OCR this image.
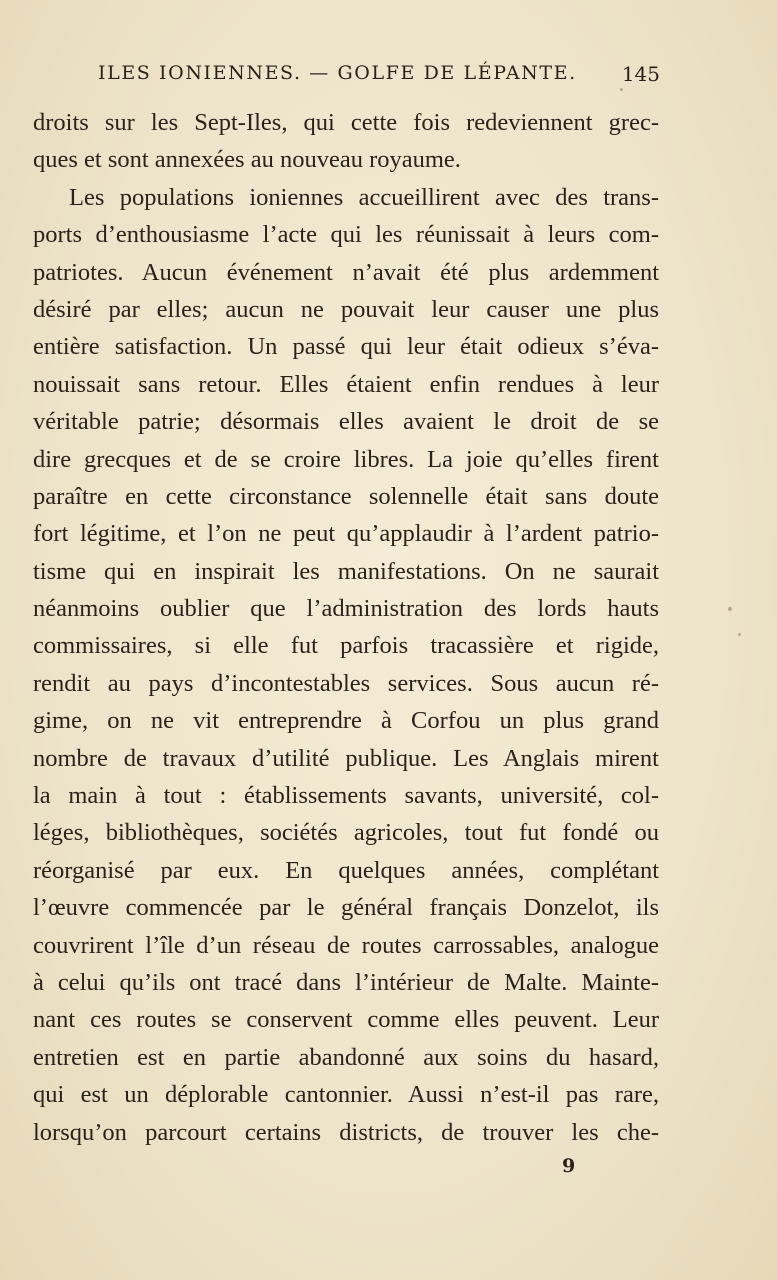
ILES IONIENNES. — GOLFE DE LÉPANTE. 145
droits sur les Sept-Iles, qui cette fois redeviennent grec-
ques et sont annexées au nouveau royaume.
Les populations ioniennes accueillirent avec des trans-
ports d’enthousiasme l’acte qui les réunissait à leurs com-
patriotes. Aucun événement n’avait été plus ardemment
désiré par elles; aucun ne pouvait leur causer une plus
entière satisfaction. Un passé qui leur était odieux s’éva-
nouissait sans retour. Elles étaient enfin rendues à leur
véritable patrie; désormais elles avaient le droit de se
dire grecques et de se croire libres. La joie qu’elles firent
paraître en cette circonstance solennelle était sans doute
fort légitime, et l’on ne peut qu’applaudir à l’ardent patrio-
tisme qui en inspirait les manifestations. On ne saurait
néanmoins oublier que l’administration des lords hauts
commissaires, si elle fut parfois tracassière et rigide,
rendit au pays d’incontestables services. Sous aucun ré-
gime, on ne vit entreprendre à Corfou un plus grand
nombre de travaux d’utilité publique. Les Anglais mirent
la main à tout : établissements savants, université, col-
léges, bibliothèques, sociétés agricoles, tout fut fondé ou
réorganisé par eux. En quelques années, complétant
l’œuvre commencée par le général français Donzelot, ils
couvrirent l’île d’un réseau de routes carrossables, analogue
à celui qu’ils ont tracé dans l’intérieur de Malte. Mainte-
nant ces routes se conservent comme elles peuvent. Leur
entretien est en partie abandonné aux soins du hasard,
qui est un déplorable cantonnier. Aussi n’est-il pas rare,
lorsqu’on parcourt certains districts, de trouver les che-
9
